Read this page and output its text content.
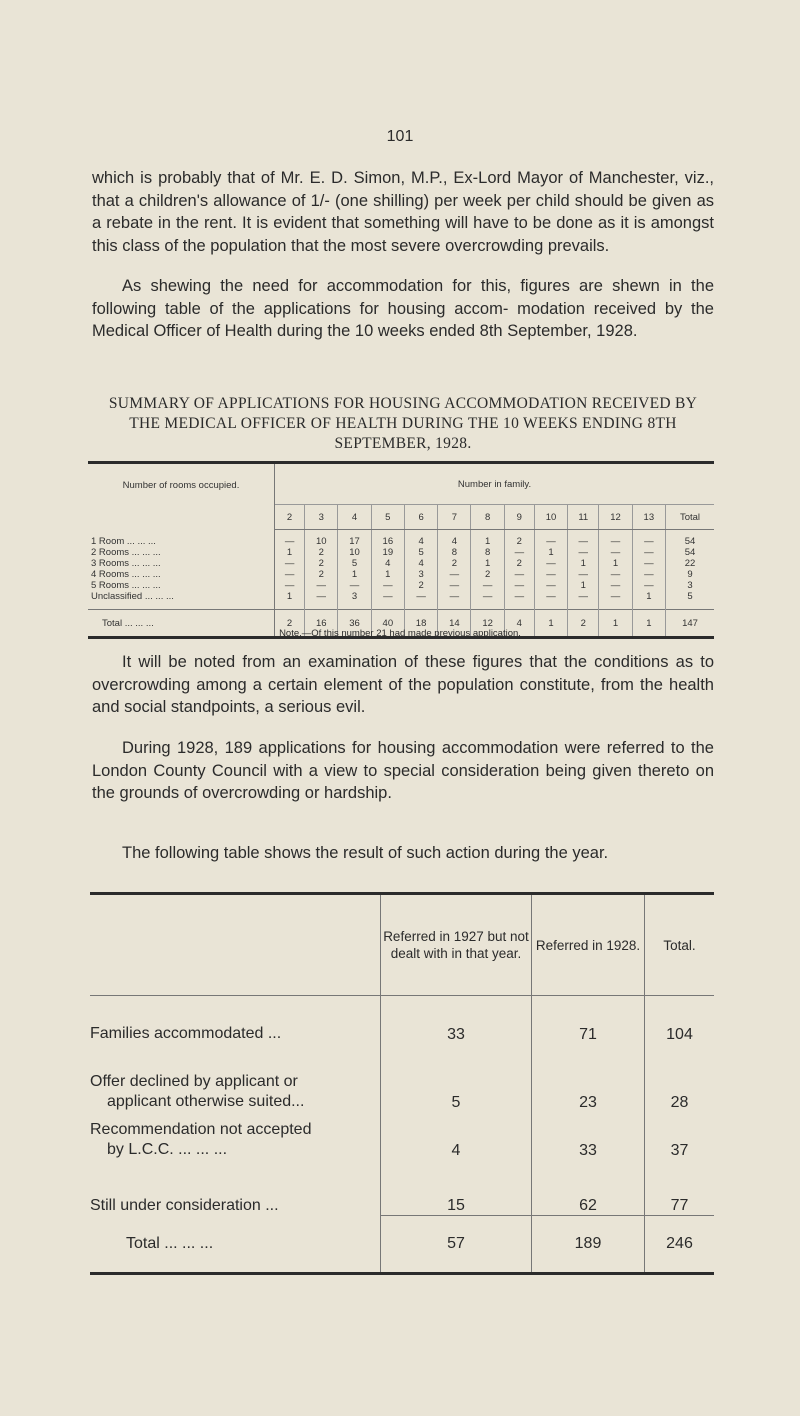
101

which is probably that of Mr. E. D. Simon, M.P., Ex-Lord Mayor of Manchester, viz., that a children's allowance of 1/- (one shilling) per week per child should be given as a rebate in the rent. It is evident that something will have to be done as it is amongst this class of the population that the most severe overcrowding prevails.

As shewing the need for accommodation for this, figures are shewn in the following table of the applications for housing accom- modation received by the Medical Officer of Health during the 10 weeks ended 8th September, 1928.

SUMMARY OF APPLICATIONS FOR HOUSING ACCOMMODATION RECEIVED BY THE MEDICAL OFFICER OF HEALTH DURING THE 10 WEEKS ENDING 8TH SEPTEMBER, 1928.
Number of rooms occupied.	Number in family.												
	2	3	4	5	6	7	8	9	10	11	12	13	Total
1 Room ... ... ...	—	10	17	16	4	4	1	2	—	—	—	—	54
2 Rooms ... ... ...	1	2	10	19	5	8	8	—	1	—	—	—	54
3 Rooms ... ... ...	—	2	5	4	4	2	1	2	—	1	1	—	22
4 Rooms ... ... ...	—	2	1	1	3	—	2	—	—	—	—	—	9
5 Rooms ... ... ...	—	—	—	—	2	—	—	—	—	1	—	—	3
Unclassified ... ... ...	1	—	3	—	—	—	—	—	—	—	—	1	5
Total ... ... ...	2	16	36	40	18	14	12	4	1	2	1	1	147
Note.—Of this number 21 had made previous application.

It will be noted from an examination of these figures that the conditions as to overcrowding among a certain element of the population constitute, from the health and social standpoints, a serious evil.

During 1928, 189 applications for housing accommodation were referred to the London County Council with a view to special consideration being given thereto on the grounds of overcrowding or hardship.

The following table shows the result of such action during the year.

	Referred in 1927 but not dealt with in that year.	Referred in 1928.	Total.
Families accommodated ...	33	71	104

Offer declined by applicant or
applicant otherwise suited...	5	23	28

Recommendation not accepted
by L.C.C. ... ... ...	4	33	37
Still under consideration ...	15	62	77
Total ... ... ...	57	189	246
